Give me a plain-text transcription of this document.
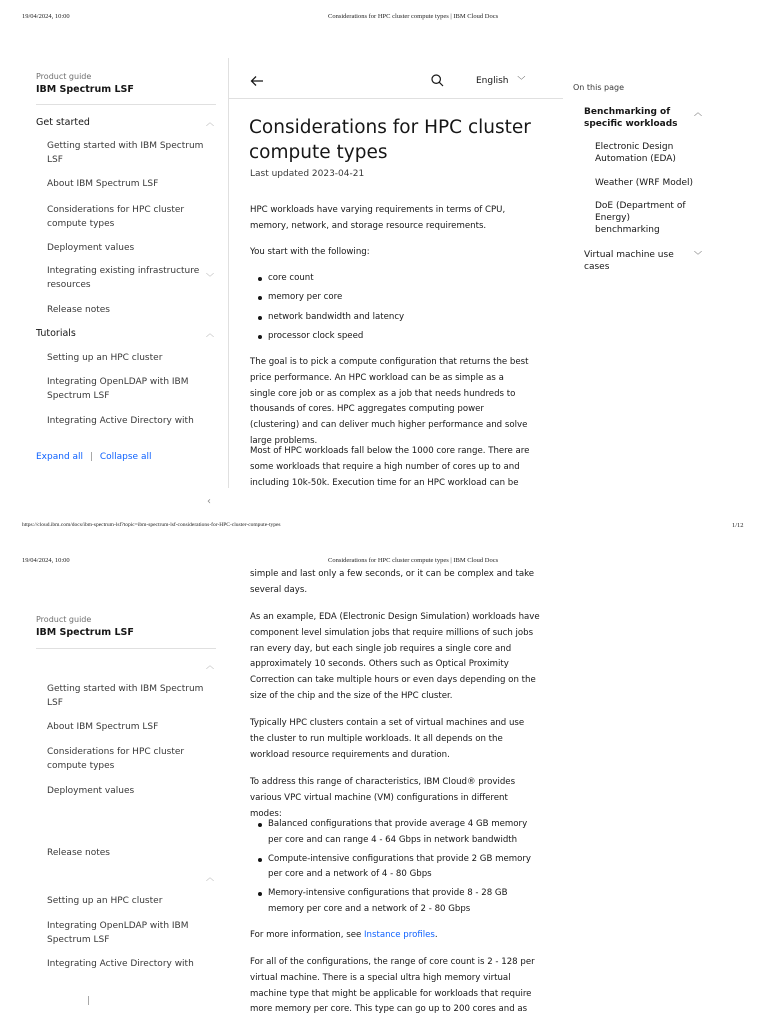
19/04/2024, 10:00	Considerations for HPC cluster compute types | IBM Cloud Docs
Product guide
IBM Spectrum LSF
Get started	︿
Getting started with IBM Spectrum LSF
About IBM Spectrum LSF
Considerations for HPC cluster compute types
Deployment values
Integrating existing infrastructure resources
﹀
Release notes
Tutorials	︿
Setting up an HPC cluster
Integrating OpenLDAP with IBM Spectrum LSF
Integrating Active Directory with
Expand all | Collapse all
‹
English ﹀
Considerations for HPC cluster
compute types
Last updated 2023-04-21

HPC workloads have varying requirements in terms of CPU, memory, network, and storage resource requirements.

You start with the following:

core count
memory per core
network bandwidth and latency
processor clock speed

The goal is to pick a compute configuration that returns the best price performance. An HPC workload can be as simple as a single core job or as complex as a job that needs hundreds to thousands of cores. HPC aggregates computing power (clustering) and can deliver much higher performance and solve large problems.

Most of HPC workloads fall below the 1000 core range. There are some workloads that require a high number of cores up to and including 10k-50k. Execution time for an HPC workload can be

On this page
Benchmarking of specific workloads
︿
Electronic Design Automation (EDA)
Weather (WRF Model)
DoE (Department of Energy) benchmarking
Virtual machine use cases
﹀
https://cloud.ibm.com/docs/ibm-spectrum-lsf?topic=ibm-spectrum-lsf-considerations-for-HPC-cluster-compute-types	1/12
19/04/2024, 10:00	Considerations for HPC cluster compute types | IBM Cloud Docs
Product guide
IBM Spectrum LSF
︿
Getting started with IBM Spectrum LSF
About IBM Spectrum LSF
Considerations for HPC cluster compute types
Deployment values
Release notes
︿
Setting up an HPC cluster
Integrating OpenLDAP with IBM Spectrum LSF
Integrating Active Directory with
|

simple and last only a few seconds, or it can be complex and take several days.

As an example, EDA (Electronic Design Simulation) workloads have component level simulation jobs that require millions of such jobs ran every day, but each single job requires a single core and approximately 10 seconds. Others such as Optical Proximity Correction can take multiple hours or even days depending on the size of the chip and the size of the HPC cluster.

Typically HPC clusters contain a set of virtual machines and use the cluster to run multiple workloads. It all depends on the workload resource requirements and duration.

To address this range of characteristics, IBM Cloud® provides various VPC virtual machine (VM) configurations in different modes:

Balanced configurations that provide average 4 GB memory per core and can range 4 - 64 Gbps in network bandwidth
Compute-intensive configurations that provide 2 GB memory per core and a network of 4 - 80 Gbps
Memory-intensive configurations that provide 8 - 28 GB memory per core and a network of 2 - 80 Gbps

For more information, see Instance profiles.

For all of the configurations, the range of core count is 2 - 128 per virtual machine. There is a special ultra high memory virtual machine type that might be applicable for workloads that require more memory per core. This type can go up to 200 cores and as
